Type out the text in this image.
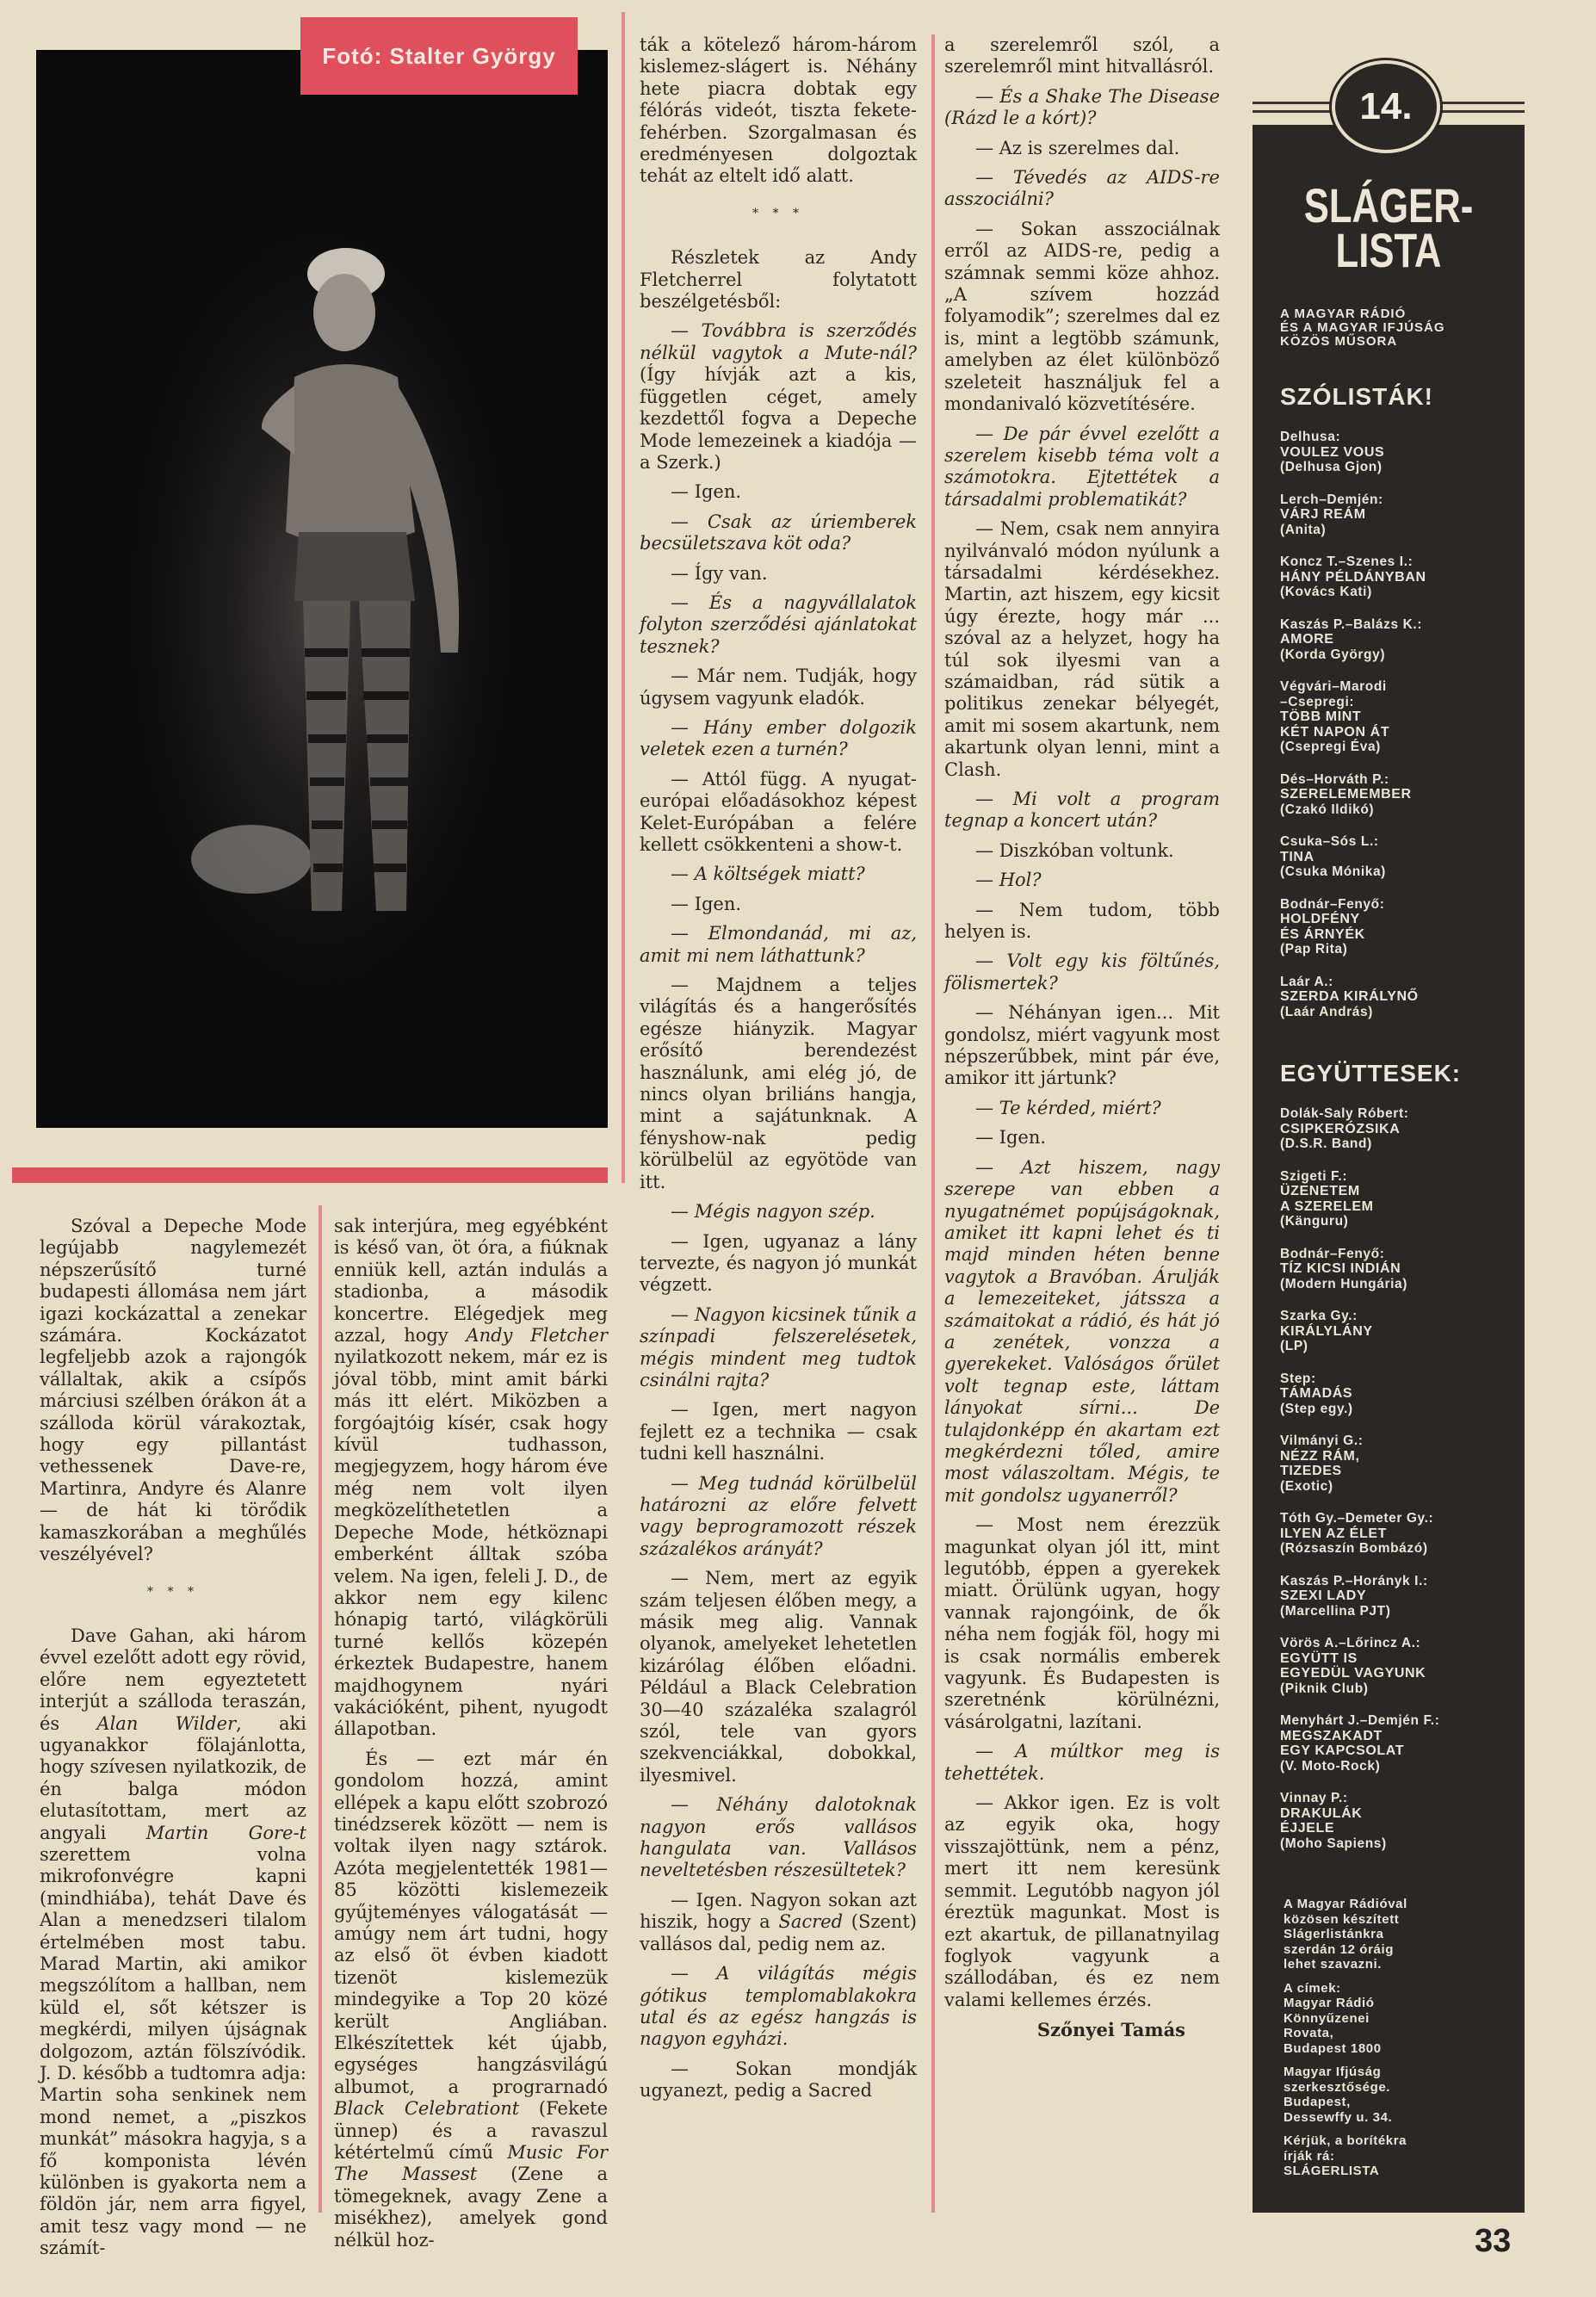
Fotó: Stalter György

Szóval a Depeche Mode legújabb nagylemezét népszerűsítő turné budapesti állomása nem járt igazi kockázattal a zenekar számára. Kockázatot legfeljebb azok a rajongók vállaltak, akik a csípős márciusi szélben órákon át a szálloda körül várakoztak, hogy egy pillantást vethessenek Dave-re, Martinra, Andyre és Alanre — de hát ki törődik kamaszkorában a meghűlés veszélyével?

* * *

Dave Gahan, aki három évvel ezelőtt adott egy rövid, előre nem egyeztetett interjút a szálloda teraszán, és Alan Wilder, aki ugyanakkor fölajánlotta, hogy szívesen nyilatkozik, de én balga módon elutasítottam, mert az angyali Martin Gore-t szerettem volna mikrofonvégre kapni (mindhiába), tehát Dave és Alan a menedzseri tilalom értelmében most tabu. Marad Martin, aki amikor megszólítom a hallban, nem küld el, sőt kétszer is megkérdi, milyen újságnak dolgozom, aztán fölszívódik. J. D. később a tudtomra adja: Martin soha senkinek nem mond nemet, a „piszkos munkát” másokra hagyja, s a fő komponista lévén különben is gyakorta nem a földön jár, nem arra figyel, amit tesz vagy mond — ne számít-

sak interjúra, meg egyébként is késő van, öt óra, a fiúknak enniük kell, aztán indulás a stadionba, a második koncertre. Elégedjek meg azzal, hogy Andy Fletcher nyilatkozott nekem, már ez is jóval több, mint amit bárki más itt elért. Miközben a forgóajtóig kísér, csak hogy kívül tudhasson, megjegyzem, hogy három éve még nem volt ilyen megközelíthetetlen a Depeche Mode, hétköznapi emberként álltak szóba velem. Na igen, feleli J. D., de akkor nem egy kilenc hónapig tartó, világkörüli turné kellős közepén érkeztek Budapestre, hanem majdhogynem nyári vakációként, pihent, nyugodt állapotban.

És — ezt már én gondolom hozzá, amint ellépek a kapu előtt szobrozó tinédzserek között — nem is voltak ilyen nagy sztárok. Azóta megjelentették 1981—85 közötti kislemezeik gyűjteményes válogatását — amúgy nem árt tudni, hogy az első öt évben kiadott tizenöt kislemezük mindegyike a Top 20 közé került Angliában. Elkészítettek két újabb, egységes hangzásvilágú albumot, a prograrnadó Black Celebrationt (Fekete ünnep) és a ravaszul kétértelmű című Music For The Massest (Zene a tömegeknek, avagy Zene a misékhez), amelyek gond nélkül hoz-

ták a kötelező három-három kislemez-slágert is. Néhány hete piacra dobtak egy félórás videót, tiszta fekete-fehérben. Szorgalmasan és eredményesen dolgoztak tehát az eltelt idő alatt.

* * *

Részletek az Andy Fletcherrel folytatott beszélgetésből:

— Továbbra is szerződés nélkül vagytok a Mute-nál? (Így hívják azt a kis, független céget, amely kezdettől fogva a Depeche Mode lemezeinek a kiadója — a Szerk.)

— Igen.

— Csak az úriemberek becsületszava köt oda?

— Így van.

— És a nagyvállalatok folyton szerződési ajánlatokat tesznek?

— Már nem. Tudják, hogy úgysem vagyunk eladók.

— Hány ember dolgozik veletek ezen a turnén?

— Attól függ. A nyugat-európai előadásokhoz képest Kelet-Európában a felére kellett csökkenteni a show-t.

— A költségek miatt?

— Igen.

— Elmondanád, mi az, amit mi nem láthattunk?

— Majdnem a teljes világítás és a hangerősítés egésze hiányzik. Magyar erősítő berendezést használunk, ami elég jó, de nincs olyan briliáns hangja, mint a sajátunknak. A fényshow-nak pedig körülbelül az egyötöde van itt.

— Mégis nagyon szép.

— Igen, ugyanaz a lány tervezte, és nagyon jó munkát végzett.

— Nagyon kicsinek tűnik a színpadi felszerelésetek, mégis mindent meg tudtok csinálni rajta?

— Igen, mert nagyon fejlett ez a technika — csak tudni kell használni.

— Meg tudnád körülbelül határozni az előre felvett vagy beprogramozott részek százalékos arányát?

— Nem, mert az egyik szám teljesen élőben megy, a másik meg alig. Vannak olyanok, amelyeket lehetetlen kizárólag élőben előadni. Például a Black Celebration 30—40 százaléka szalagról szól, tele van gyors szekvenciákkal, dobokkal, ilyesmivel.

— Néhány dalotoknak nagyon erős vallásos hangulata van. Vallásos neveltetésben részesültetek?

— Igen. Nagyon sokan azt hiszik, hogy a Sacred (Szent) vallásos dal, pedig nem az.

— A világítás mégis gótikus templomablakokra utal és az egész hangzás is nagyon egyházi.

— Sokan mondják ugyanezt, pedig a Sacred

a szerelemről szól, a szerelemről mint hitvallásról.

— És a Shake The Disease (Rázd le a kórt)?

— Az is szerelmes dal.

— Tévedés az AIDS-re asszociálni?

— Sokan asszociálnak erről az AIDS-re, pedig a számnak semmi köze ahhoz. „A szívem hozzád folyamodik”; szerelmes dal ez is, mint a legtöbb számunk, amelyben az élet különböző szeleteit használjuk fel a mondanivaló közvetítésére.

— De pár évvel ezelőtt a szerelem kisebb téma volt a számotokra. Ejtettétek a társadalmi problematikát?

— Nem, csak nem annyira nyilvánvaló módon nyúlunk a társadalmi kérdésekhez. Martin, azt hiszem, egy kicsit úgy érezte, hogy már ... szóval az a helyzet, hogy ha túl sok ilyesmi van a számaidban, rád sütik a politikus zenekar bélyegét, amit mi sosem akartunk, nem akartunk olyan lenni, mint a Clash.

— Mi volt a program tegnap a koncert után?

— Diszkóban voltunk.

— Hol?

— Nem tudom, több helyen is.

— Volt egy kis föltűnés, fölismertek?

— Néhányan igen... Mit gondolsz, miért vagyunk most népszerűbbek, mint pár éve, amikor itt jártunk?

— Te kérded, miért?

— Igen.

— Azt hiszem, nagy szerepe van ebben a nyugatnémet popújságoknak, amiket itt kapni lehet és ti majd minden héten benne vagytok a Bravóban. Árulják a lemezeiteket, játssza a számaitokat a rádió, és hát jó a zenétek, vonzza a gyerekeket. Valóságos őrület volt tegnap este, láttam lányokat sírni... De tulajdonképp én akartam ezt megkérdezni tőled, amire most válaszoltam. Mégis, te mit gondolsz ugyanerről?

— Most nem érezzük magunkat olyan jól itt, mint legutóbb, éppen a gyerekek miatt. Örülünk ugyan, hogy vannak rajongóink, de ők néha nem fogják föl, hogy mi is csak normális emberek vagyunk. És Budapesten is szeretnénk körülnézni, vásárolgatni, lazítani.

— A múltkor meg is tehettétek.

— Akkor igen. Ez is volt az egyik oka, hogy visszajöttünk, nem a pénz, mert itt nem keresünk semmit. Legutóbb nagyon jól éreztük magunkat. Most is ezt akartuk, de pillanatnyilag foglyok vagyunk a szállodában, és ez nem valami kellemes érzés.

Szőnyei Tamás

14.
SLÁGER-
LISTA
A MAGYAR RÁDIÓ
ÉS A MAGYAR IFJÚSÁG
KÖZÖS MŰSORA
SZÓLISTÁK!
Delhusa:
VOULEZ VOUS
(Delhusa Gjon)
Lerch–Demjén:
VÁRJ REÁM
(Anita)
Koncz T.–Szenes I.:
HÁNY PÉLDÁNYBAN
(Kovács Kati)
Kaszás P.–Balázs K.:
AMORE
(Korda György)
Végvári–Marodi
–Csepregi:
TÖBB MINT
KÉT NAPON ÁT
(Csepregi Éva)
Dés–Horváth P.:
SZERELEMEMBER
(Czakó Ildikó)
Csuka–Sós L.:
TINA
(Csuka Mónika)
Bodnár–Fenyő:
HOLDFÉNY
ÉS ÁRNYÉK
(Pap Rita)
Laár A.:
SZERDA KIRÁLYNŐ
(Laár András)
EGYÜTTESEK:
Dolák-Saly Róbert:
CSIPKERÓZSIKA
(D.S.R. Band)
Szigeti F.:
ÜZENETEM
A SZERELEM
(Känguru)
Bodnár–Fenyő:
TÍZ KICSI INDIÁN
(Modern Hungária)
Szarka Gy.:
KIRÁLYLÁNY
(LP)
Step:
TÁMADÁS
(Step egy.)
Vilmányi G.:
NÉZZ RÁM,
TIZEDES
(Exotic)
Tóth Gy.–Demeter Gy.:
ILYEN AZ ÉLET
(Rózsaszín Bombázó)
Kaszás P.–Horányk I.:
SZEXI LADY
(Marcellina PJT)
Vörös A.–Lőrincz A.:
EGYÜTT IS
EGYEDÜL VAGYUNK
(Piknik Club)
Menyhárt J.–Demjén F.:
MEGSZAKADT
EGY KAPCSOLAT
(V. Moto-Rock)
Vinnay P.:
DRAKULÁK
ÉJJELE
(Moho Sapiens)
A Magyar Rádióval
közösen készített
Slágerlistánkra
szerdán 12 óráig
lehet szavazni.
A címek:
Magyar Rádió
Könnyűzenei
Rovata,
Budapest 1800
Magyar Ifjúság
szerkesztősége.
Budapest,
Dessewffy u. 34.
Kérjük, a borítékra
írják rá:
SLÁGERLISTA
33
